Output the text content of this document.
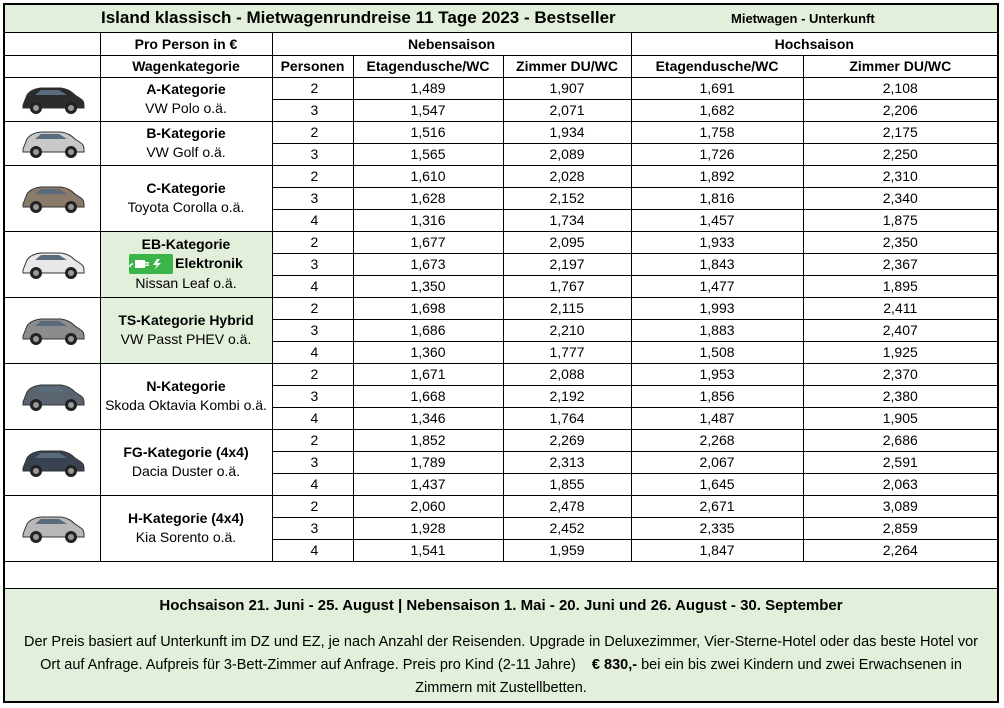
Island klassisch - Mietwagenrundreise 11 Tage 2023 - Bestseller	Mietwagen - Unterkunft
	Pro Person in €	Nebensaison			Hochsaison	
	Wagenkategorie	Personen	Etagendusche/WC	Zimmer DU/WC	Etagendusche/WC	Zimmer DU/WC

A-Kategorie
VW Polo o.ä.	2	1,489	1,907	1,691	2,108
		3	1,547	2,071	1,682	2,206

B-Kategorie
VW Golf o.ä.	2	1,516	1,934	1,758	2,175
		3	1,565	2,089	1,726	2,250

C-Kategorie
Toyota Corolla o.ä.	2	1,610	2,028	1,892	2,310
		3	1,628	2,152	1,816	2,340
		4	1,316	1,734	1,457	1,875

EB-Kategorie
Elektronik
Nissan Leaf o.ä.	2	1,677	2,095	1,933	2,350
		3	1,673	2,197	1,843	2,367
		4	1,350	1,767	1,477	1,895

TS-Kategorie Hybrid
VW Passt PHEV o.ä.	2	1,698	2,115	1,993	2,411
		3	1,686	2,210	1,883	2,407
		4	1,360	1,777	1,508	1,925

N-Kategorie
Skoda Oktavia Kombi o.ä.	2	1,671	2,088	1,953	2,370
		3	1,668	2,192	1,856	2,380
		4	1,346	1,764	1,487	1,905

FG-Kategorie (4x4)
Dacia Duster o.ä.	2	1,852	2,269	2,268	2,686
		3	1,789	2,313	2,067	2,591
		4	1,437	1,855	1,645	2,063

H-Kategorie (4x4)
Kia Sorento o.ä.	2	2,060	2,478	2,671	3,089
		3	1,928	2,452	2,335	2,859
		4	1,541	1,959	1,847	2,264
Hochsaison 21. Juni - 25. August | Nebensaison 1. Mai - 20. Juni und 26. August - 30. September
Der Preis basiert auf Unterkunft im DZ und EZ, je nach Anzahl der Reisenden. Upgrade in Deluxezimmer, Vier-Sterne-Hotel oder das beste Hotel vor Ort auf Anfrage. Aufpreis für 3-Bett-Zimmer auf Anfrage. Preis pro Kind (2-11 Jahre) € 830,- bei ein bis zwei Kindern und zwei Erwachsenen in Zimmern mit Zustellbetten.
